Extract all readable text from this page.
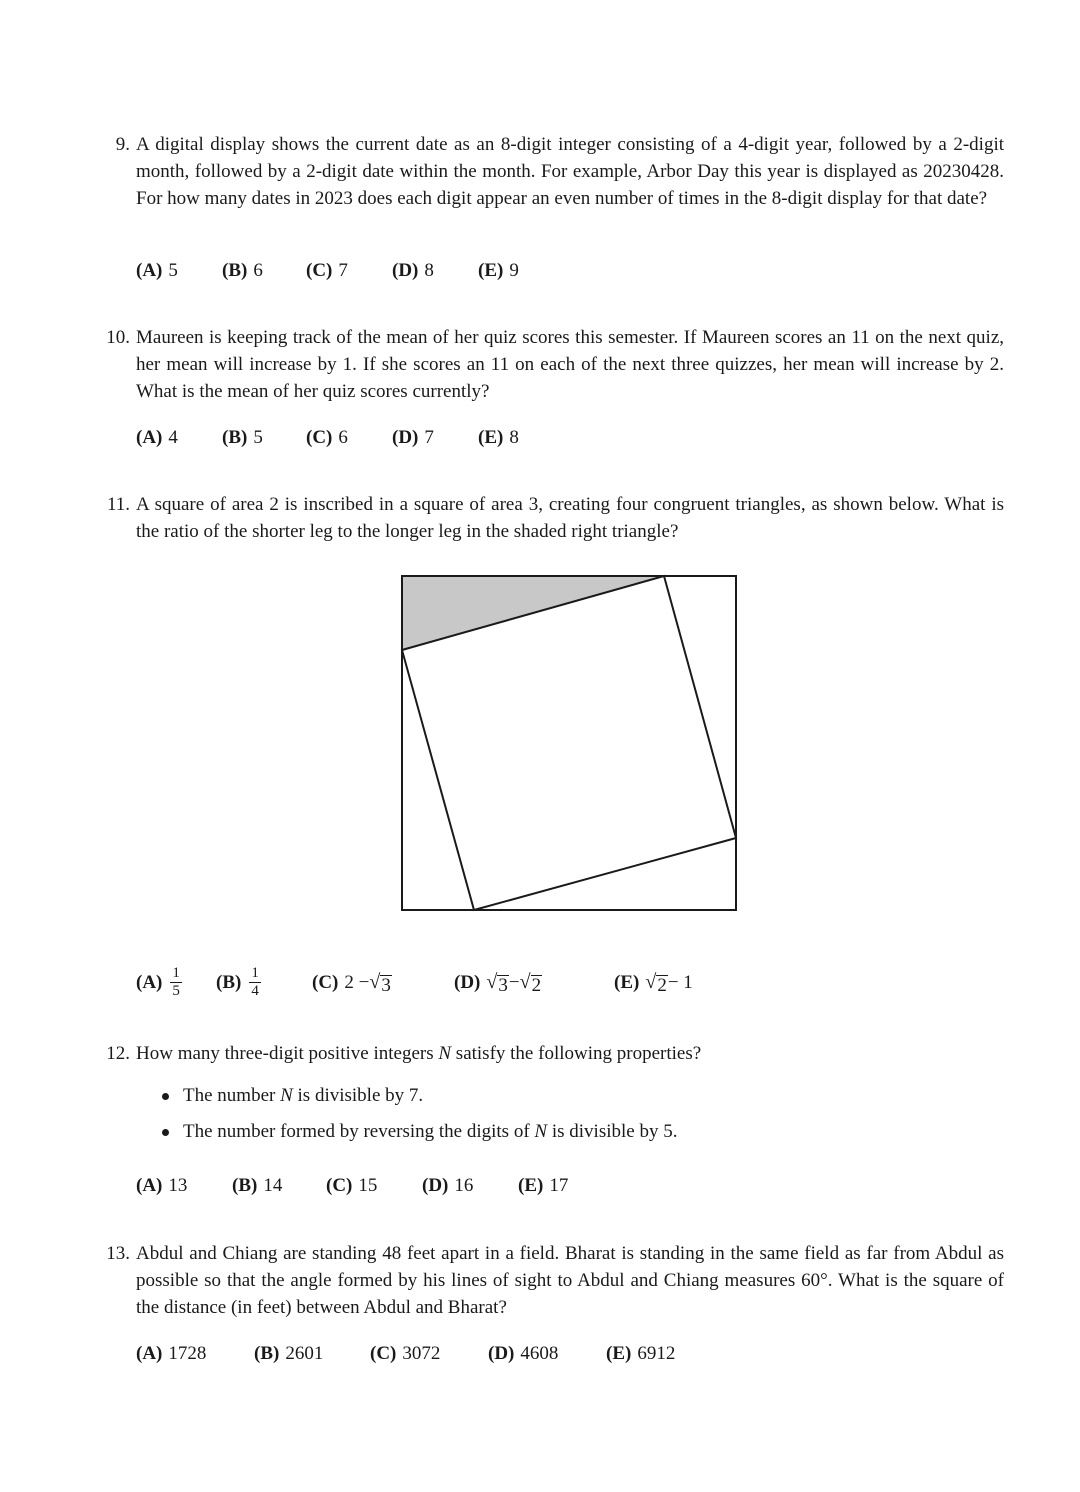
9. A digital display shows the current date as an 8-digit integer consisting of a 4-digit year, followed by a 2-digit month, followed by a 2-digit date within the month. For example, Arbor Day this year is displayed as 20230428. For how many dates in 2023 does each digit appear an even number of times in the 8-digit display for that date?
(A) 5 (B) 6 (C) 7 (D) 8 (E) 9
10. Maureen is keeping track of the mean of her quiz scores this semester. If Maureen scores an 11 on the next quiz, her mean will increase by 1. If she scores an 11 on each of the next three quizzes, her mean will increase by 2. What is the mean of her quiz scores currently?
(A) 4 (B) 5 (C) 6 (D) 7 (E) 8
11. A square of area 2 is inscribed in a square of area 3, creating four congruent triangles, as shown below. What is the ratio of the shorter leg to the longer leg in the shaded right triangle?
$(A) \frac{1}{5} (B) \frac{1}{4}$	(C) 2 − √ 3	(D) √ 3 − √ 2	(E) √ 2 − 1
12. How many three-digit positive integers N satisfy the following properties?
The number
N
is divisible by 7.
The number formed by reversing the digits of
N
is divisible by 5.
(A) 13 (B) 14 (C) 15 (D) 16 (E) 17
13. Abdul and Chiang are standing 48 feet apart in a field. Bharat is standing in the same field as far from Abdul as possible so that the angle formed by his lines of sight to Abdul and Chiang measures 60°. What is the square of the distance (in feet) between Abdul and Bharat?
(A) 1728	(B) 2601 (C) 3072	(D) 4608	(E) 6912
